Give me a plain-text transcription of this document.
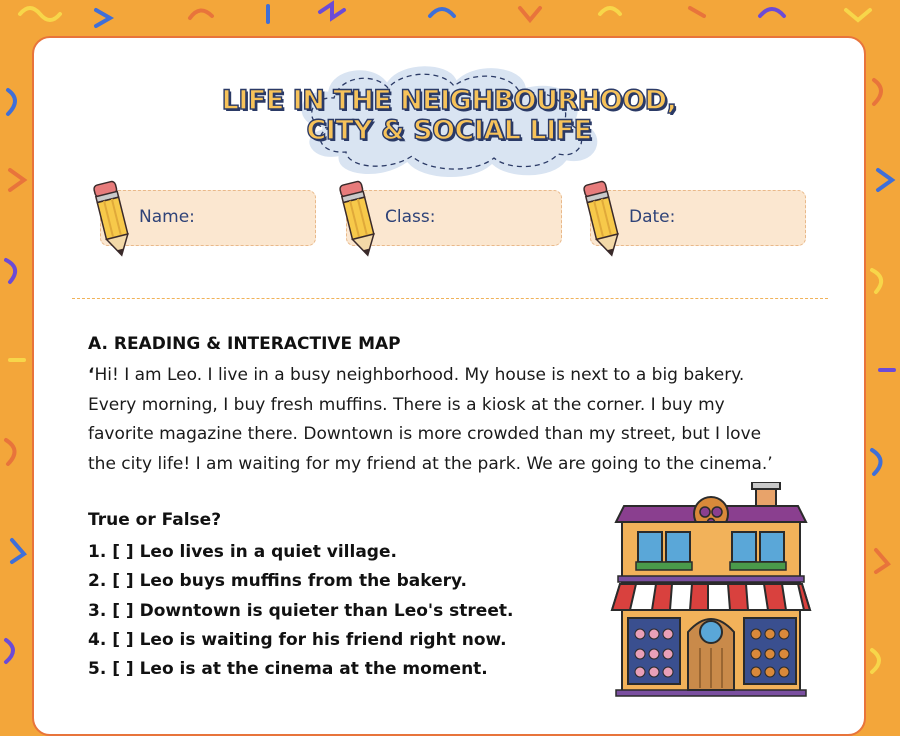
LIFE IN THE NEIGHBOURHOOD,
CITY & SOCIAL LIFE
Name:	Class:	Date:
A. READING & INTERACTIVE MAP
‘Hi! I am Leo. I live in a busy neighborhood. My house is next to a big bakery. Every morning, I buy fresh muffins. There is a kiosk at the corner. I buy my favorite magazine there. Downtown is more crowded than my street, but I love the city life! I am waiting for my friend at the park. We are going to the cinema.’
True or False?
1. [ ] Leo lives in a quiet village.
2. [ ] Leo buys muffins from the bakery.
3. [ ] Downtown is quieter than Leo's street.
4. [ ] Leo is waiting for his friend right now.
5. [ ] Leo is at the cinema at the moment.
